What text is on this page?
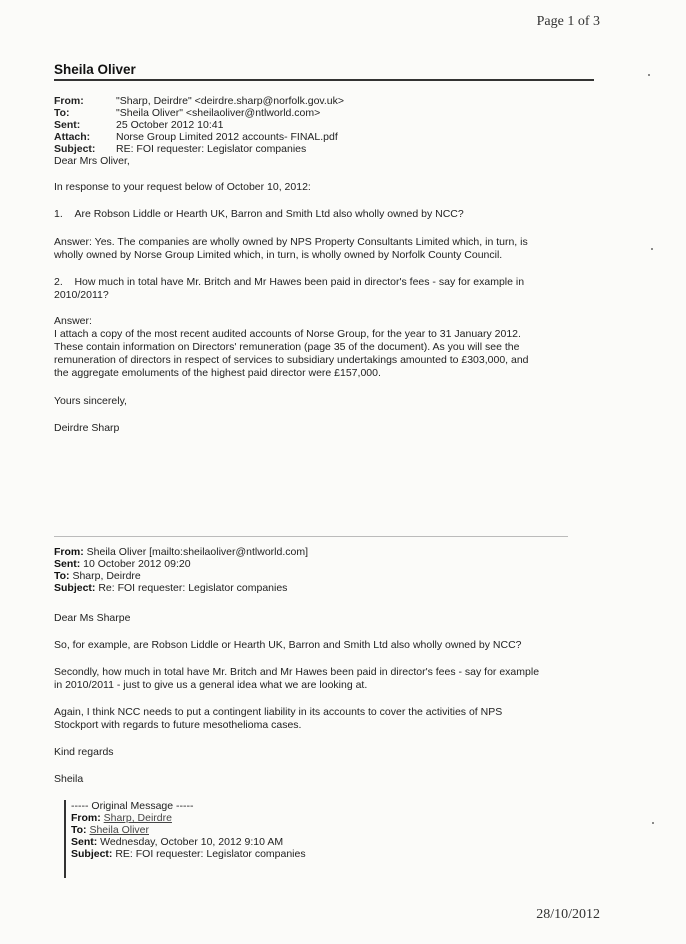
Page 1 of 3
Sheila Oliver
From:	"Sharp, Deirdre" <deirdre.sharp@norfolk.gov.uk>
To:	"Sheila Oliver" <sheilaoliver@ntlworld.com>
Sent:	25 October 2012 10:41
Attach:	Norse Group Limited 2012 accounts- FINAL.pdf
Subject:	RE: FOI requester: Legislator companies

Dear Mrs Oliver,

In response to your request below of October 10, 2012:

1. Are Robson Liddle or Hearth UK, Barron and Smith Ltd also wholly owned by NCC?

Answer: Yes. The companies are wholly owned by NPS Property Consultants Limited which, in turn, is

wholly owned by Norse Group Limited which, in turn, is wholly owned by Norfolk County Council.

2. How much in total have Mr. Britch and Mr Hawes been paid in director's fees - say for example in

2010/2011?

Answer:

I attach a copy of the most recent audited accounts of Norse Group, for the year to 31 January 2012.

These contain information on Directors' remuneration (page 35 of the document). As you will see the

remuneration of directors in respect of services to subsidiary undertakings amounted to £303,000, and

the aggregate emoluments of the highest paid director were £157,000.

Yours sincerely,

Deirdre Sharp

From: Sheila Oliver [mailto:sheilaoliver@ntlworld.com]

Sent: 10 October 2012 09:20

To: Sharp, Deirdre

Subject: Re: FOI requester: Legislator companies

Dear Ms Sharpe

So, for example, are Robson Liddle or Hearth UK, Barron and Smith Ltd also wholly owned by NCC?

Secondly, how much in total have Mr. Britch and Mr Hawes been paid in director's fees - say for example

in 2010/2011 - just to give us a general idea what we are looking at.

Again, I think NCC needs to put a contingent liability in its accounts to cover the activities of NPS

Stockport with regards to future mesothelioma cases.

Kind regards

Sheila

----- Original Message -----
From: Sharp, Deirdre
To: Sheila Oliver
Sent: Wednesday, October 10, 2012 9:10 AM
Subject: RE: FOI requester: Legislator companies
28/10/2012
